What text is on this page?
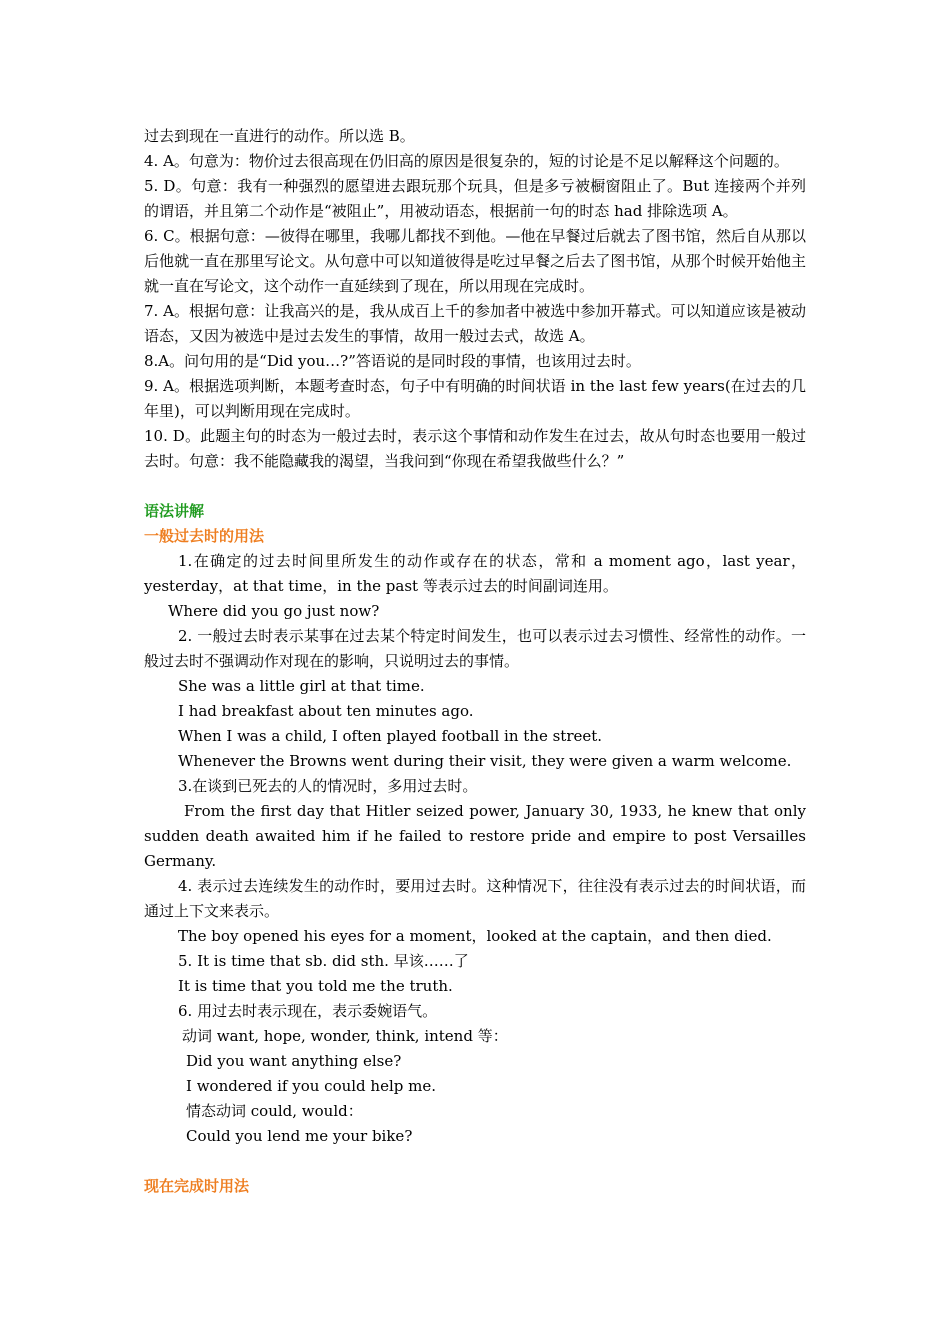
过去到现在一直进行的动作。所以选 B。

4. A。句意为：物价过去很高现在仍旧高的原因是很复杂的，短的讨论是不足以解释这个问题的。

5. D。句意：我有一种强烈的愿望进去跟玩那个玩具，但是多亏被橱窗阻止了。But 连接两个并列的谓语，并且第二个动作是“被阻止”，用被动语态，根据前一句的时态 had 排除选项 A。

6. C。根据句意：—彼得在哪里，我哪儿都找不到他。—他在早餐过后就去了图书馆，然后自从那以后他就一直在那里写论文。从句意中可以知道彼得是吃过早餐之后去了图书馆，从那个时候开始他主就一直在写论文，这个动作一直延续到了现在，所以用现在完成时。

7. A。根据句意：让我高兴的是，我从成百上千的参加者中被选中参加开幕式。可以知道应该是被动语态，又因为被选中是过去发生的事情，故用一般过去式，故选 A。

8.A。问句用的是“Did you…?”答语说的是同时段的事情，也该用过去时。

9. A。根据选项判断，本题考查时态，句子中有明确的时间状语 in the last few years(在过去的几年里)，可以判断用现在完成时。

10. D。此题主句的时态为一般过去时，表示这个事情和动作发生在过去，故从句时态也要用一般过去时。句意：我不能隐藏我的渴望，当我问到“你现在希望我做些什么？”

语法讲解

一般过去时的用法

1.在确定的过去时间里所发生的动作或存在的状态，常和 a moment ago，last year，yesterday，at that time，in the past 等表示过去的时间副词连用。

Where did you go just now?

2. 一般过去时表示某事在过去某个特定时间发生，也可以表示过去习惯性、经常性的动作。一般过去时不强调动作对现在的影响，只说明过去的事情。

She was a little girl at that time.

I had breakfast about ten minutes ago.

When I was a child, I often played football in the street.

Whenever the Browns went during their visit, they were given a warm welcome.

3.在谈到已死去的人的情况时，多用过去时。

From the first day that Hitler seized power, January 30, 1933, he knew that only sudden death awaited him if he failed to restore pride and empire to post Versailles Germany.

4. 表示过去连续发生的动作时，要用过去时。这种情况下，往往没有表示过去的时间状语，而通过上下文来表示。

The boy opened his eyes for a moment，looked at the captain，and then died.

5. It is time that sb. did sth. 早该……了

It is time that you told me the truth.

6. 用过去时表示现在，表示委婉语气。

动词 want, hope, wonder, think, intend 等：

Did you want anything else?

I wondered if you could help me.

情态动词 could, would：

Could you lend me your bike?

现在完成时用法
